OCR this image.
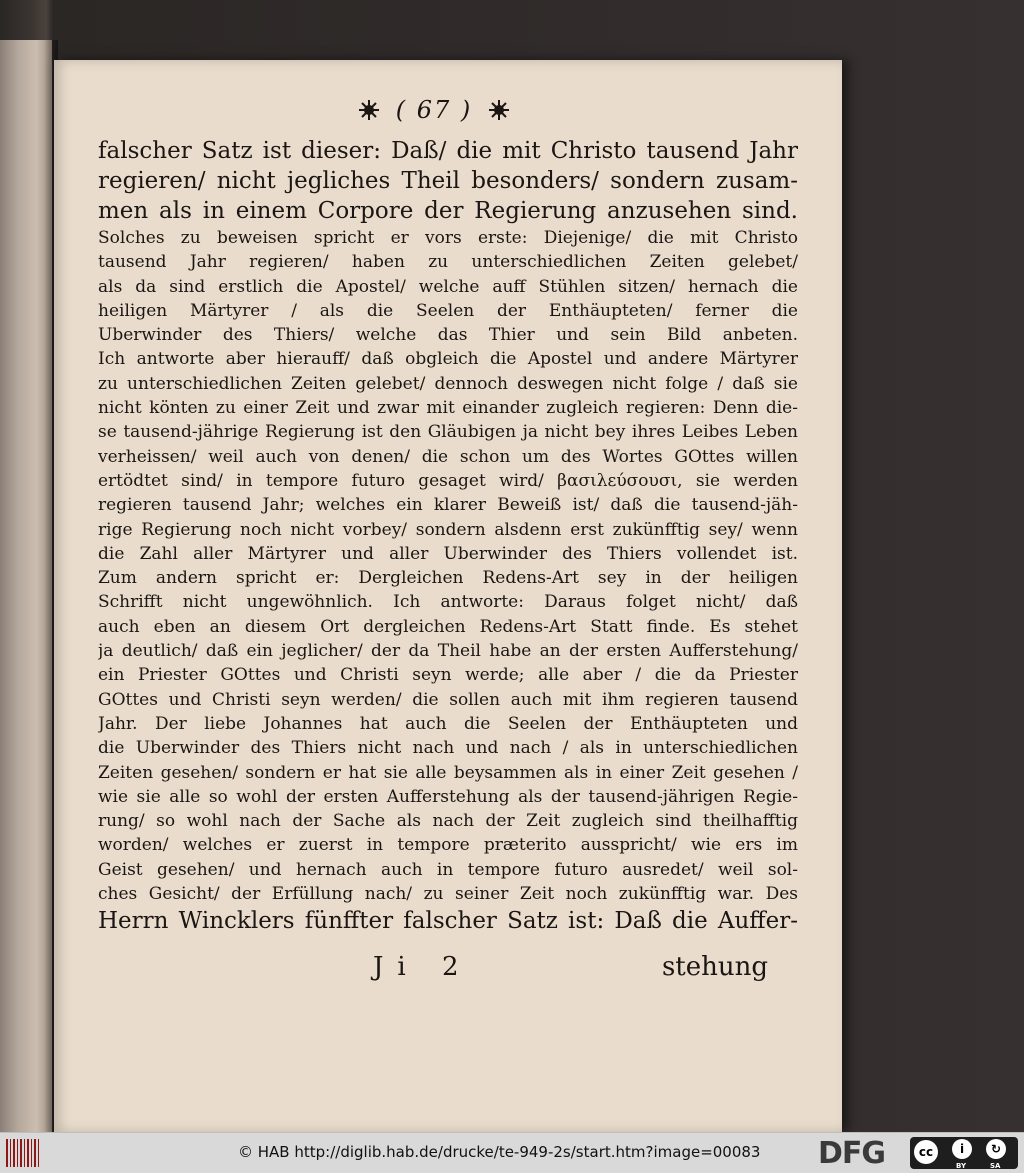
( 67 )
falscher Satz ist dieser: Daß/ die mit Christo tausend Jahr
regieren/ nicht jegliches Theil besonders/ sondern zusam-
men als in einem Corpore der Regierung anzusehen sind.
Solches zu beweisen spricht er vors erste: Diejenige/ die mit Christo
tausend Jahr regieren/ haben zu unterschiedlichen Zeiten gelebet/
als da sind erstlich die Apostel/ welche auff Stühlen sitzen/ hernach die
heiligen Märtyrer / als die Seelen der Enthäupteten/ ferner die
Uberwinder des Thiers/ welche das Thier und sein Bild anbeten.
Ich antworte aber hierauff/ daß obgleich die Apostel und andere Märtyrer
zu unterschiedlichen Zeiten gelebet/ dennoch deswegen nicht folge / daß sie
nicht könten zu einer Zeit und zwar mit einander zugleich regieren: Denn die-
se tausend-jährige Regierung ist den Gläubigen ja nicht bey ihres Leibes Leben
verheissen/ weil auch von denen/ die schon um des Wortes GOttes willen
ertödtet sind/ in tempore futuro gesaget wird/ βασιλεύσουσι, sie werden
regieren tausend Jahr; welches ein klarer Beweiß ist/ daß die tausend-jäh-
rige Regierung noch nicht vorbey/ sondern alsdenn erst zukünfftig sey/ wenn
die Zahl aller Märtyrer und aller Uberwinder des Thiers vollendet ist.
Zum andern spricht er: Dergleichen Redens-Art sey in der heiligen
Schrifft nicht ungewöhnlich. Ich antworte: Daraus folget nicht/ daß
auch eben an diesem Ort dergleichen Redens-Art Statt finde. Es stehet
ja deutlich/ daß ein jeglicher/ der da Theil habe an der ersten Aufferstehung/
ein Priester GOttes und Christi seyn werde; alle aber / die da Priester
GOttes und Christi seyn werden/ die sollen auch mit ihm regieren tausend
Jahr. Der liebe Johannes hat auch die Seelen der Enthäupteten und
die Uberwinder des Thiers nicht nach und nach / als in unterschiedlichen
Zeiten gesehen/ sondern er hat sie alle beysammen als in einer Zeit gesehen /
wie sie alle so wohl der ersten Aufferstehung als der tausend-jährigen Regie-
rung/ so wohl nach der Sache als nach der Zeit zugleich sind theilhafftig
worden/ welches er zuerst in tempore præterito ausspricht/ wie ers im
Geist gesehen/ und hernach auch in tempore futuro ausredet/ weil sol-
ches Gesicht/ der Erfüllung nach/ zu seiner Zeit noch zukünfftig war. Des
Herrn Wincklers fünffter falscher Satz ist: Daß die Auffer-
Ji 2	stehung
© HAB http://diglib.hab.de/drucke/te-949-2s/start.htm?image=00083 DFG	cc	i	↻
BY	SA
